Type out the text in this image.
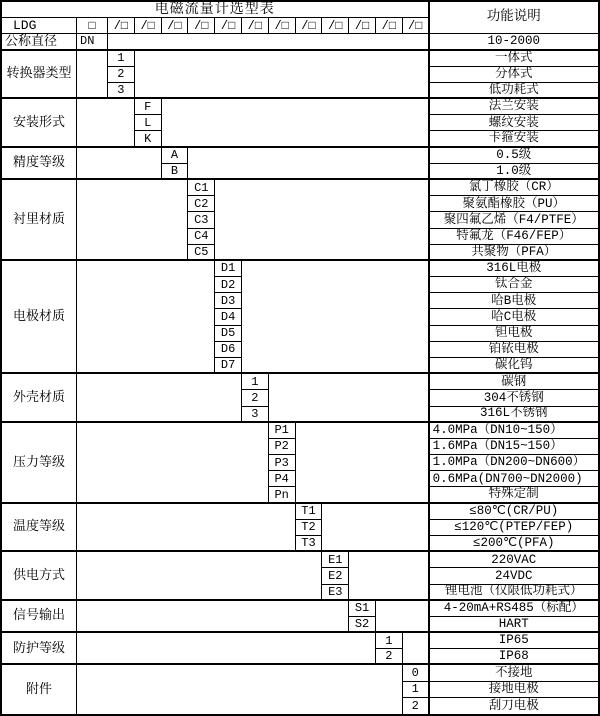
电磁流量计选型表	功能说明
LDG	□	/□	/□	/□	/□	/□	/□	/□	/□	/□	/□	/□ /□
公称直径	DN	10-2000
转换器类型
1	一体式
2	分体式
3	低功耗式
安装形式
F	法兰安装
L	螺纹安装
K	卡箍安装
精度等级
A	0.5级
B	1.0级
衬里材质
C1	氯丁橡胶（CR）
C2	聚氨酯橡胶（PU）
C3	聚四氟乙烯（F4/PTFE）
C4	特氟龙（F46/FEP）
C5	共聚物（PFA）
电极材质
D1	316L电极
D2	钛合金
D3	哈B电极
D4	哈C电极
D5	钽电极
D6	铂铱电极
D7	碳化钨
外壳材质
1	碳钢
2	304不锈钢
3	316L不锈钢
压力等级
P1	4.0MPa（DN10~150）
P2	1.6MPa（DN15~150）
P3	1.0MPa（DN200~DN600）
P4	0.6MPa(DN700~DN2000)
Pn	特殊定制
温度等级
T1	≤80℃(CR/PU)
T2	≤120℃(PTEP/FEP)
T3	≤200℃(PFA)
供电方式
E1	220VAC
E2	24VDC
E3	锂电池（仅限低功耗式）
信号输出
S1	4-20mA+RS485（标配）
S2	HART
防护等级
1	IP65
2	IP68
附件
0	不接地
1	接地电极
2	刮刀电极
